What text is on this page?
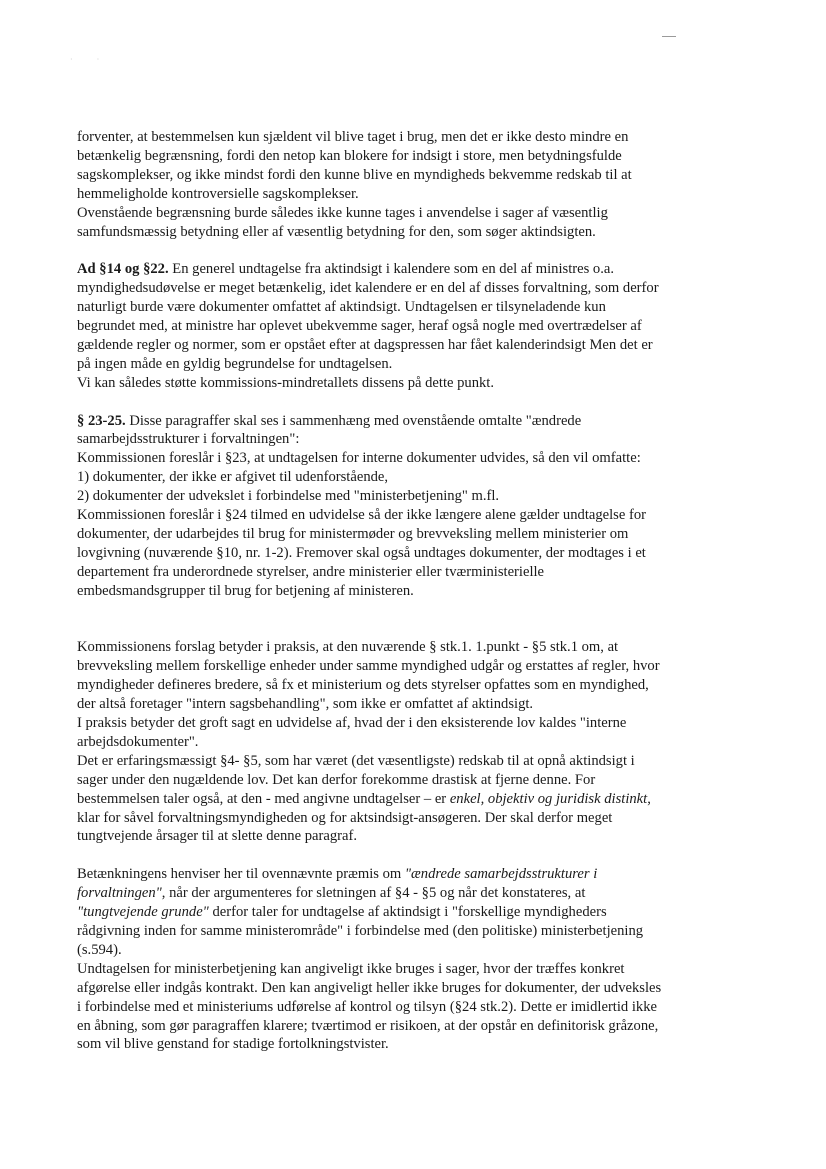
·            ·

forventer, at bestemmelsen kun sjældent vil blive taget i brug, men det er ikke desto mindre en
betænkelig begrænsning, fordi den netop kan blokere for indsigt i store, men betydningsfulde
sagskomplekser, og ikke mindst fordi den kunne blive en myndigheds bekvemme redskab til at
hemmeligholde kontroversielle sagskomplekser.
Ovenstående begrænsning burde således ikke kunne tages i anvendelse i sager af væsentlig
samfundsmæssig betydning eller af væsentlig betydning for den, som søger aktindsigten.

Ad §14 og §22. En generel undtagelse fra aktindsigt i kalendere som en del af ministres o.a.
myndighedsudøvelse er meget betænkelig, idet kalendere er en del af disses forvaltning, som derfor
naturligt burde være dokumenter omfattet af aktindsigt. Undtagelsen er tilsyneladende kun
begrundet med, at ministre har oplevet ubekvemme sager, heraf også nogle med overtrædelser af
gældende regler og normer, som er opstået efter at dagspressen har fået kalenderindsigt Men det er
på ingen måde en gyldig begrundelse for undtagelsen.
Vi kan således støtte kommissions-mindretallets dissens på dette punkt.

§ 23-25. Disse paragraffer skal ses i sammenhæng med ovenstående omtalte "ændrede
samarbejdsstrukturer i forvaltningen":
Kommissionen foreslår i §23, at undtagelsen for interne dokumenter udvides, så den vil omfatte:
1) dokumenter, der ikke er afgivet til udenforstående,
2) dokumenter der udvekslet i forbindelse med "ministerbetjening" m.fl.
Kommissionen foreslår i §24 tilmed en udvidelse så der ikke længere alene gælder undtagelse for
dokumenter, der udarbejdes til brug for ministermøder og brevveksling mellem ministerier om
lovgivning (nuværende §10, nr. 1-2). Fremover skal også undtages dokumenter, der modtages i et
departement fra underordnede styrelser, andre ministerier eller tværministerielle
embedsmandsgrupper til brug for betjening af ministeren.

Kommissionens forslag betyder i praksis, at den nuværende § stk.1. 1.punkt - §5 stk.1 om, at
brevveksling mellem forskellige enheder under samme myndighed udgår og erstattes af regler, hvor
myndigheder defineres bredere, så fx et ministerium og dets styrelser opfattes som en myndighed,
der altså foretager "intern sagsbehandling", som ikke er omfattet af aktindsigt.
I praksis betyder det groft sagt en udvidelse af, hvad der i den eksisterende lov kaldes "interne
arbejdsdokumenter".
Det er erfaringsmæssigt §4- §5, som har været (det væsentligste) redskab til at opnå aktindsigt i
sager under den nugældende lov. Det kan derfor forekomme drastisk at fjerne denne. For
bestemmelsen taler også, at den - med angivne undtagelser – er enkel, objektiv og juridisk distinkt,
klar for såvel forvaltningsmyndigheden og for aktsindsigt-ansøgeren. Der skal derfor meget
tungtvejende årsager til at slette denne paragraf.

Betænkningens henviser her til ovennævnte præmis om "ændrede samarbejdsstrukturer i
forvaltningen", når der argumenteres for sletningen af §4 - §5 og når det konstateres, at
"tungtvejende grunde" derfor taler for undtagelse af aktindsigt i "forskellige myndigheders
rådgivning inden for samme ministerområde" i forbindelse med (den politiske) ministerbetjening
(s.594).
Undtagelsen for ministerbetjening kan angiveligt ikke bruges i sager, hvor der træffes konkret
afgørelse eller indgås kontrakt. Den kan angiveligt heller ikke bruges for dokumenter, der udveksles
i forbindelse med et ministeriums udførelse af kontrol og tilsyn (§24 stk.2). Dette er imidlertid ikke
en åbning, som gør paragraffen klarere; tværtimod er risikoen, at der opstår en definitorisk gråzone,
som vil blive genstand for stadige fortolkningstvister.
